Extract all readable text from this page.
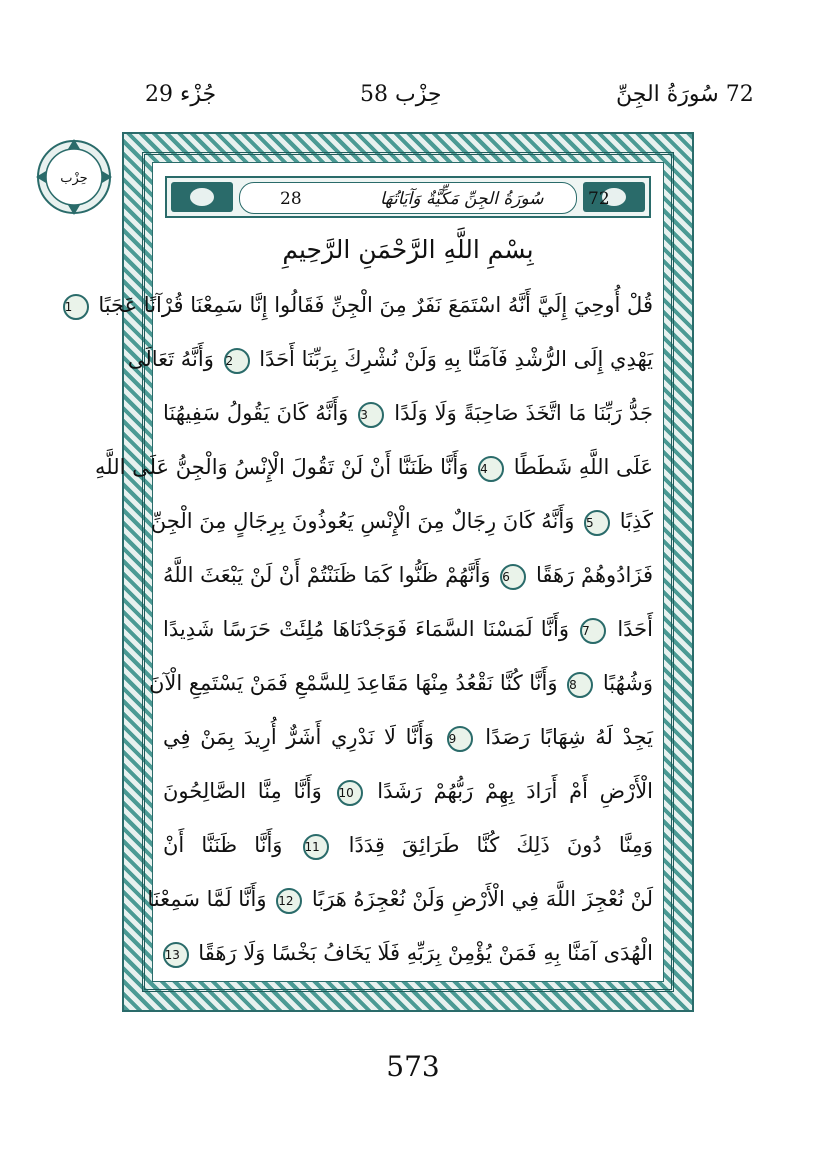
جُزْء 29	حِزْب 58	72 سُورَةُ الجِنِّ
حِزْب
28	سُورَةُ الجِنِّ مَكِّيَّةٌ وَآيَاتُهَا	72
بِسْمِ اللَّهِ الرَّحْمَنِ الرَّحِيمِ
قُلْ أُوحِيَ إِلَيَّ أَنَّهُ اسْتَمَعَ نَفَرٌ مِنَ الْجِنِّ فَقَالُوا إِنَّا سَمِعْنَا قُرْآنًا عَجَبًا 1
يَهْدِي إِلَى الرُّشْدِ فَآمَنَّا بِهِ وَلَنْ نُشْرِكَ بِرَبِّنَا أَحَدًا 2 وَأَنَّهُ تَعَالَى
جَدُّ رَبِّنَا مَا اتَّخَذَ صَاحِبَةً وَلَا وَلَدًا 3 وَأَنَّهُ كَانَ يَقُولُ سَفِيهُنَا
عَلَى اللَّهِ شَطَطًا 4 وَأَنَّا ظَنَنَّا أَنْ لَنْ تَقُولَ الْإِنْسُ وَالْجِنُّ عَلَى اللَّهِ
كَذِبًا 5 وَأَنَّهُ كَانَ رِجَالٌ مِنَ الْإِنْسِ يَعُوذُونَ بِرِجَالٍ مِنَ الْجِنِّ
فَزَادُوهُمْ رَهَقًا 6 وَأَنَّهُمْ ظَنُّوا كَمَا ظَنَنْتُمْ أَنْ لَنْ يَبْعَثَ اللَّهُ
أَحَدًا 7 وَأَنَّا لَمَسْنَا السَّمَاءَ فَوَجَدْنَاهَا مُلِئَتْ حَرَسًا شَدِيدًا
وَشُهُبًا 8 وَأَنَّا كُنَّا نَقْعُدُ مِنْهَا مَقَاعِدَ لِلسَّمْعِ فَمَنْ يَسْتَمِعِ الْآنَ
يَجِدْ لَهُ شِهَابًا رَصَدًا 9 وَأَنَّا لَا نَدْرِي أَشَرٌّ أُرِيدَ بِمَنْ فِي
الْأَرْضِ أَمْ أَرَادَ بِهِمْ رَبُّهُمْ رَشَدًا 10 وَأَنَّا مِنَّا الصَّالِحُونَ
وَمِنَّا دُونَ ذَلِكَ كُنَّا طَرَائِقَ قِدَدًا 11 وَأَنَّا ظَنَنَّا أَنْ
لَنْ نُعْجِزَ اللَّهَ فِي الْأَرْضِ وَلَنْ نُعْجِزَهُ هَرَبًا 12 وَأَنَّا لَمَّا سَمِعْنَا
الْهُدَى آمَنَّا بِهِ فَمَنْ يُؤْمِنْ بِرَبِّهِ فَلَا يَخَافُ بَخْسًا وَلَا رَهَقًا 13
573
